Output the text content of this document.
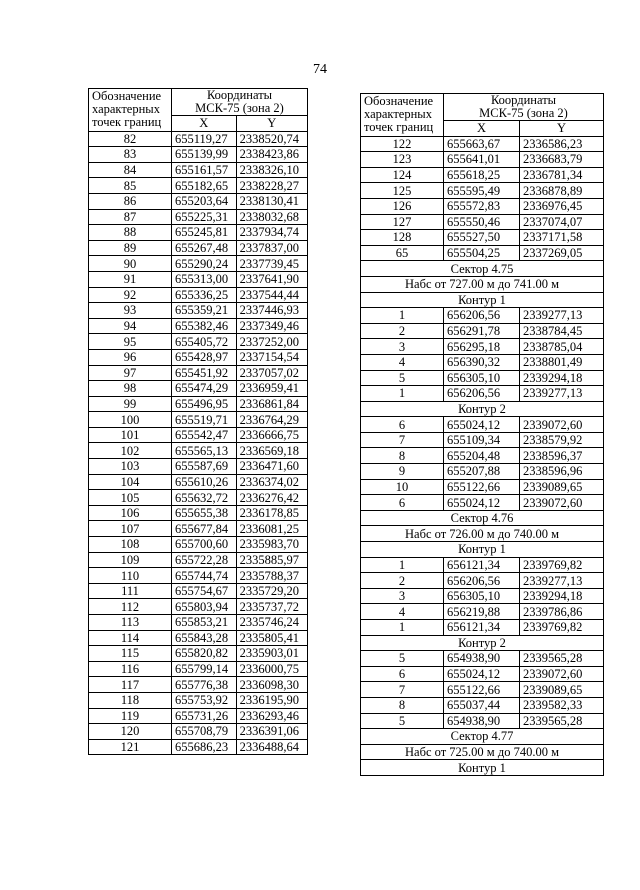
74
Обозначение
характерных
точек границ	Координаты
МСК-75 (зона 2)	
	X	Y
82	655119,27	2338520,74
83	655139,99	2338423,86
84	655161,57	2338326,10
85	655182,65	2338228,27
86	655203,64	2338130,41
87	655225,31	2338032,68
88	655245,81	2337934,74
89	655267,48	2337837,00
90	655290,24	2337739,45
91	655313,00	2337641,90
92	655336,25	2337544,44
93	655359,21	2337446,93
94	655382,46	2337349,46
95	655405,72	2337252,00
96	655428,97	2337154,54
97	655451,92	2337057,02
98	655474,29	2336959,41
99	655496,95	2336861,84
100	655519,71	2336764,29
101	655542,47	2336666,75
102	655565,13	2336569,18
103	655587,69	2336471,60
104	655610,26	2336374,02
105	655632,72	2336276,42
106	655655,38	2336178,85
107	655677,84	2336081,25
108	655700,60	2335983,70
109	655722,28	2335885,97
110	655744,74	2335788,37
111	655754,67	2335729,20
112	655803,94	2335737,72
113	655853,21	2335746,24
114	655843,28	2335805,41
115	655820,82	2335903,01
116	655799,14	2336000,75
117	655776,38	2336098,30
118	655753,92	2336195,90
119	655731,26	2336293,46
120	655708,79	2336391,06
121	655686,23	2336488,64
Обозначение
характерных
точек границ	Координаты
МСК-75 (зона 2)	
	X	Y
122	655663,67	2336586,23
123	655641,01	2336683,79
124	655618,25	2336781,34
125	655595,49	2336878,89
126	655572,83	2336976,45
127	655550,46	2337074,07
128	655527,50	2337171,58
65	655504,25	2337269,05
Сектор 4.75		
Набс от 727.00 м до 741.00 м		
Контур 1		
1	656206,56	2339277,13
2	656291,78	2338784,45
3	656295,18	2338785,04
4	656390,32	2338801,49
5	656305,10	2339294,18
1	656206,56	2339277,13
Контур 2		
6	655024,12	2339072,60
7	655109,34	2338579,92
8	655204,48	2338596,37
9	655207,88	2338596,96
10	655122,66	2339089,65
6	655024,12	2339072,60
Сектор 4.76		
Набс от 726.00 м до 740.00 м		
Контур 1		
1	656121,34	2339769,82
2	656206,56	2339277,13
3	656305,10	2339294,18
4	656219,88	2339786,86
1	656121,34	2339769,82
Контур 2		
5	654938,90	2339565,28
6	655024,12	2339072,60
7	655122,66	2339089,65
8	655037,44	2339582,33
5	654938,90	2339565,28
Сектор 4.77		
Набс от 725.00 м до 740.00 м		
Контур 1		
